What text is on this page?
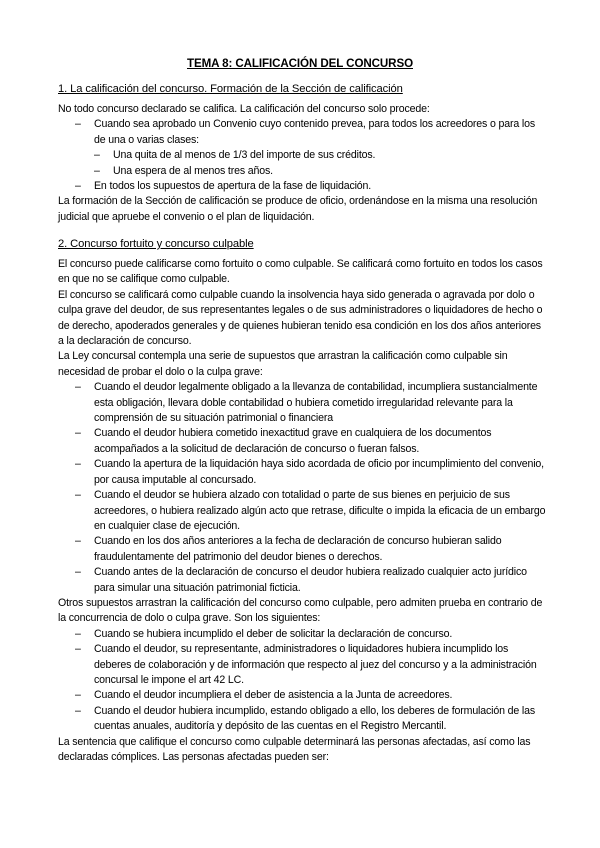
TEMA 8: CALIFICACIÓN DEL CONCURSO
1. La calificación del concurso. Formación de la Sección de calificación

No todo concurso declarado se califica. La calificación del concurso solo procede:

– Cuando sea aprobado un Convenio cuyo contenido prevea, para todos los acreedores o para los de una o varias clases:
– Una quita de al menos de 1/3 del importe de sus créditos.
– Una espera de al menos tres años.
– En todos los supuestos de apertura de la fase de liquidación.

La formación de la Sección de calificación se produce de oficio, ordenándose en la misma una resolución judicial que apruebe el convenio o el plan de liquidación.

2. Concurso fortuito y concurso culpable

El concurso puede calificarse como fortuito o como culpable. Se calificará como fortuito en todos los casos en que no se califique como culpable.

El concurso se calificará como culpable cuando la insolvencia haya sido generada o agravada por dolo o culpa grave del deudor, de sus representantes legales o de sus administradores o liquidadores de hecho o de derecho, apoderados generales y de quienes hubieran tenido esa condición en los dos años anteriores a la declaración de concurso.

La Ley concursal contempla una serie de supuestos que arrastran la calificación como culpable sin necesidad de probar el dolo o la culpa grave:

– Cuando el deudor legalmente obligado a la llevanza de contabilidad, incumpliera sustancialmente esta obligación, llevara doble contabilidad o hubiera cometido irregularidad relevante para la comprensión de su situación patrimonial o financiera
– Cuando el deudor hubiera cometido inexactitud grave en cualquiera de los documentos acompañados a la solicitud de declaración de concurso o fueran falsos.
– Cuando la apertura de la liquidación haya sido acordada de oficio por incumplimiento del convenio, por causa imputable al concursado.
– Cuando el deudor se hubiera alzado con totalidad o parte de sus bienes en perjuicio de sus acreedores, o hubiera realizado algún acto que retrase, dificulte o impida la eficacia de un embargo en cualquier clase de ejecución.
– Cuando en los dos años anteriores a la fecha de declaración de concurso hubieran salido fraudulentamente del patrimonio del deudor bienes o derechos.
– Cuando antes de la declaración de concurso el deudor hubiera realizado cualquier acto jurídico para simular una situación patrimonial ficticia.

Otros supuestos arrastran la calificación del concurso como culpable, pero admiten prueba en contrario de la concurrencia de dolo o culpa grave. Son los siguientes:

– Cuando se hubiera incumplido el deber de solicitar la declaración de concurso.
– Cuando el deudor, su representante, administradores o liquidadores hubiera incumplido los deberes de colaboración y de información que respecto al juez del concurso y a la administración concursal le impone el art 42 LC.
– Cuando el deudor incumpliera el deber de asistencia a la Junta de acreedores.
– Cuando el deudor hubiera incumplido, estando obligado a ello, los deberes de formulación de las cuentas anuales, auditoría y depósito de las cuentas en el Registro Mercantil.

La sentencia que califique el concurso como culpable determinará las personas afectadas, así como las declaradas cómplices. Las personas afectadas pueden ser:
